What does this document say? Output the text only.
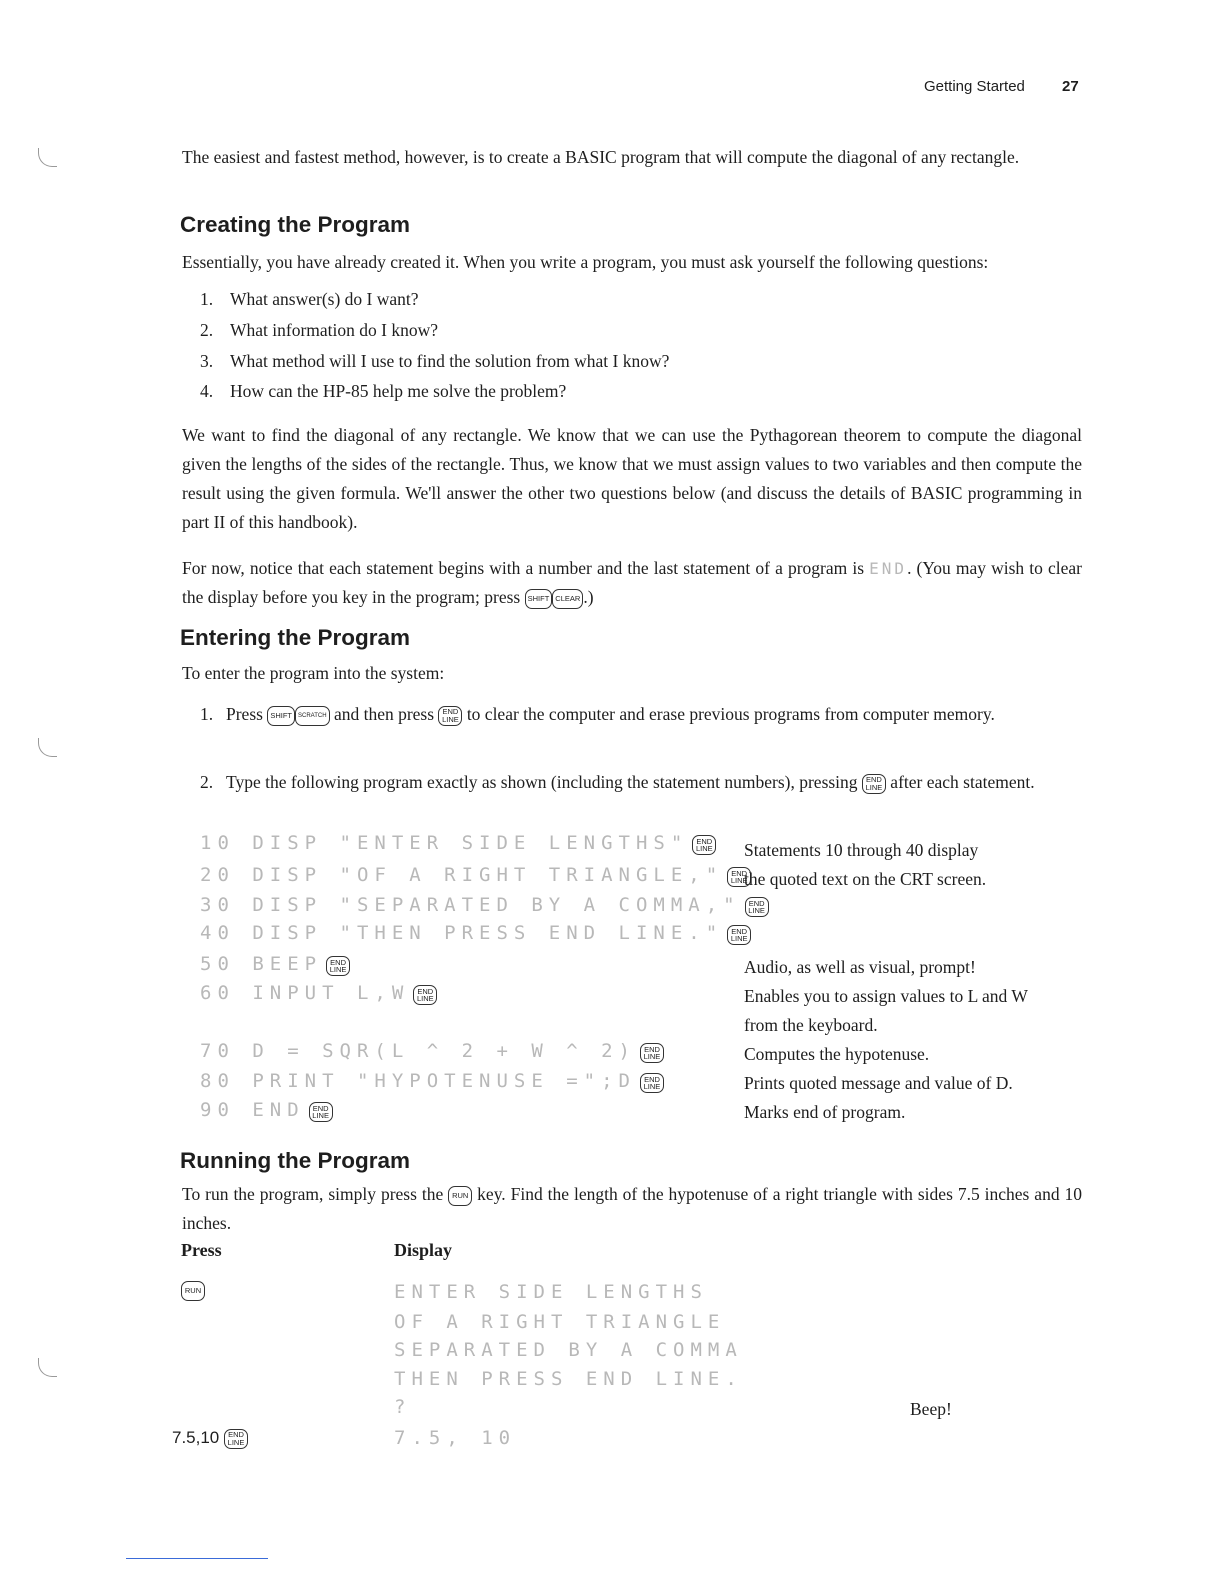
Getting Started 27
The easiest and fastest method, however, is to create a BASIC program that will compute the diagonal of any rectangle.
Creating the Program
Essentially, you have already created it. When you write a program, you must ask yourself the following questions:
1. What answer(s) do I want?
2. What information do I know?
3. What method will I use to find the solution from what I know?
4. How can the HP-85 help me solve the problem?
We want to find the diagonal of any rectangle. We know that we can use the Pythagorean theorem to compute the diagonal given the lengths of the sides of the rectangle. Thus, we know that we must assign values to two variables and then compute the result using the given formula. We'll answer the other two questions below (and discuss the details of BASIC programming in part II of this handbook).
For now, notice that each statement begins with a number and the last statement of a program is END. (You may wish to clear the display before you key in the program; press SHIFT CLEAR .)
Entering the Program
To enter the program into the system:
1. Press SHIFT SCRATCH and then press END
LINE to clear the computer and erase previous programs from computer memory.
2. Type the following program exactly as shown (including the statement numbers), pressing END
LINE after each statement.
10 DISP "ENTER SIDE LENGTHS" END
LINE
20 DISP "OF A RIGHT TRIANGLE," END
LINE
30 DISP "SEPARATED BY A COMMA," END
LINE
40 DISP "THEN PRESS END LINE." END
LINE
50 BEEP END
LINE
60 INPUT L,W END
LINE
70 D = SQR(L ^ 2 + W ^ 2) END
LINE
80 PRINT "HYPOTENUSE =";D END
LINE
90 END END
LINE
Statements 10 through 40 display
the quoted text on the CRT screen.
Audio, as well as visual, prompt!
Enables you to assign values to L and W
from the keyboard.
Computes the hypotenuse.
Prints quoted message and value of D.
Marks end of program.
Running the Program
To run the program, simply press the RUN key. Find the length of the hypotenuse of a right triangle with sides 7.5 inches and 10 inches.
Press	Display
RUN	ENTER SIDE LENGTHS
OF A RIGHT TRIANGLE
SEPARATED BY A COMMA
THEN PRESS END LINE.
?
7.5, 10
Beep!
7.5,10 END
LINE
